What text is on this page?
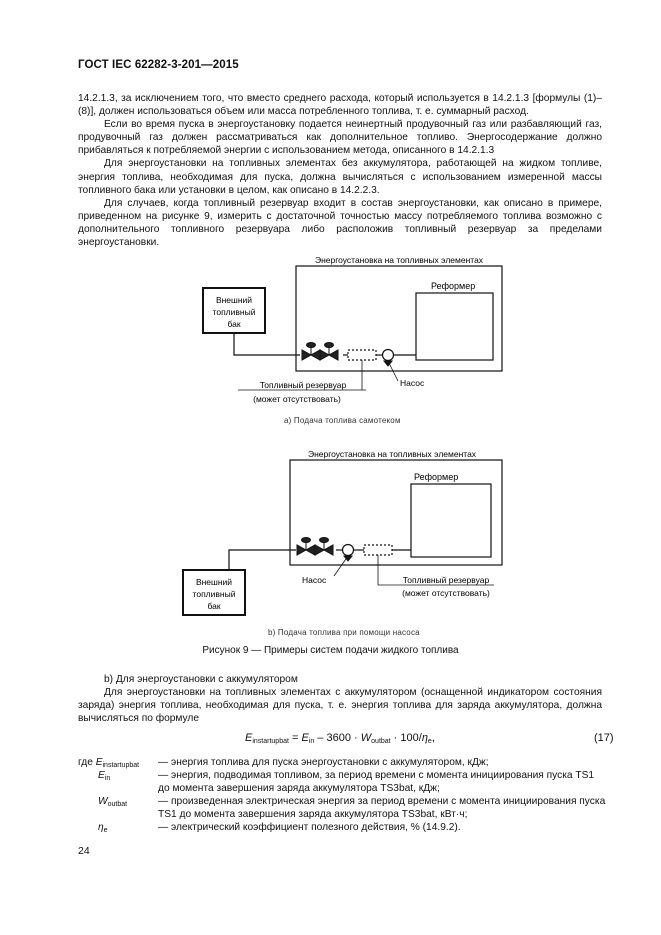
ГОСТ IEC 62282-3-201—2015

14.2.1.3, за исключением того, что вместо среднего расхода, который используется в 14.2.1.3 [формулы (1)–(8)], должен использоваться объем или масса потребленного топлива, т. е. суммарный расход.

Если во время пуска в энергоустановку подается неинертный продувочный газ или разбавляющий газ, продувочный газ должен рассматриваться как дополнительное топливо. Энергосодержание должно прибавляться к потребляемой энергии с использованием метода, описанного в 14.2.1.3

Для энергоустановки на топливных элементах без аккумулятора, работающей на жидком топливе, энергия топлива, необходимая для пуска, должна вычисляться с использованием измеренной массы топливного бака или установки в целом, как описано в 14.2.2.3.

Для случаев, когда топливный резервуар входит в состав энергоустановки, как описано в примере, приведенном на рисунке 9, измерить с достаточной точностью массу потребляемого топлива возможно с дополнительного топливного резервуара либо расположив топливный резервуар за пределами энергоустановки.

Энергоустановка на топливных элементах
Реформер
Внешний
топливный
бак
Топливный резервуар
(может отсутствовать)
Насос
a) Подача топлива самотеком
Энергоустановка на топливных элементах
Реформер
Внешний
топливный
бак
Насос	Топливный резервуар
(может отсутствовать)
b) Подача топлива при помощи насоса
Рисунок 9 — Примеры систем подачи жидкого топлива

b) Для энергоустановки с аккумулятором

Для энергоустановки на топливных элементах с аккумулятором (оснащенной индикатором состояния заряда) энергия топлива, необходимая для пуска, т. е. энергия топлива для заряда аккумулятора, должна вычисляться по формуле

$E_{instartupbat} = E_{in} - 3600 \cdot W_{outbat} \cdot 100/\eta_e$,	(17)
где $E_{instartupbat}$	— энергия топлива для пуска энергоустановки с аккумулятором, кДж;
$E_{in}$	— энергия, подводимая топливом, за период времени с момента инициирования пуска TS1 до момента завершения заряда аккумулятора TS3bat, кДж;
$W_{outbat}$	— произведенная электрическая энергия за период времени с момента инициирования пуска TS1 до момента завершения заряда аккумулятора TS3bat, кВт·ч;
$\eta_e$	— электрический коэффициент полезного действия, % (14.9.2).
24
